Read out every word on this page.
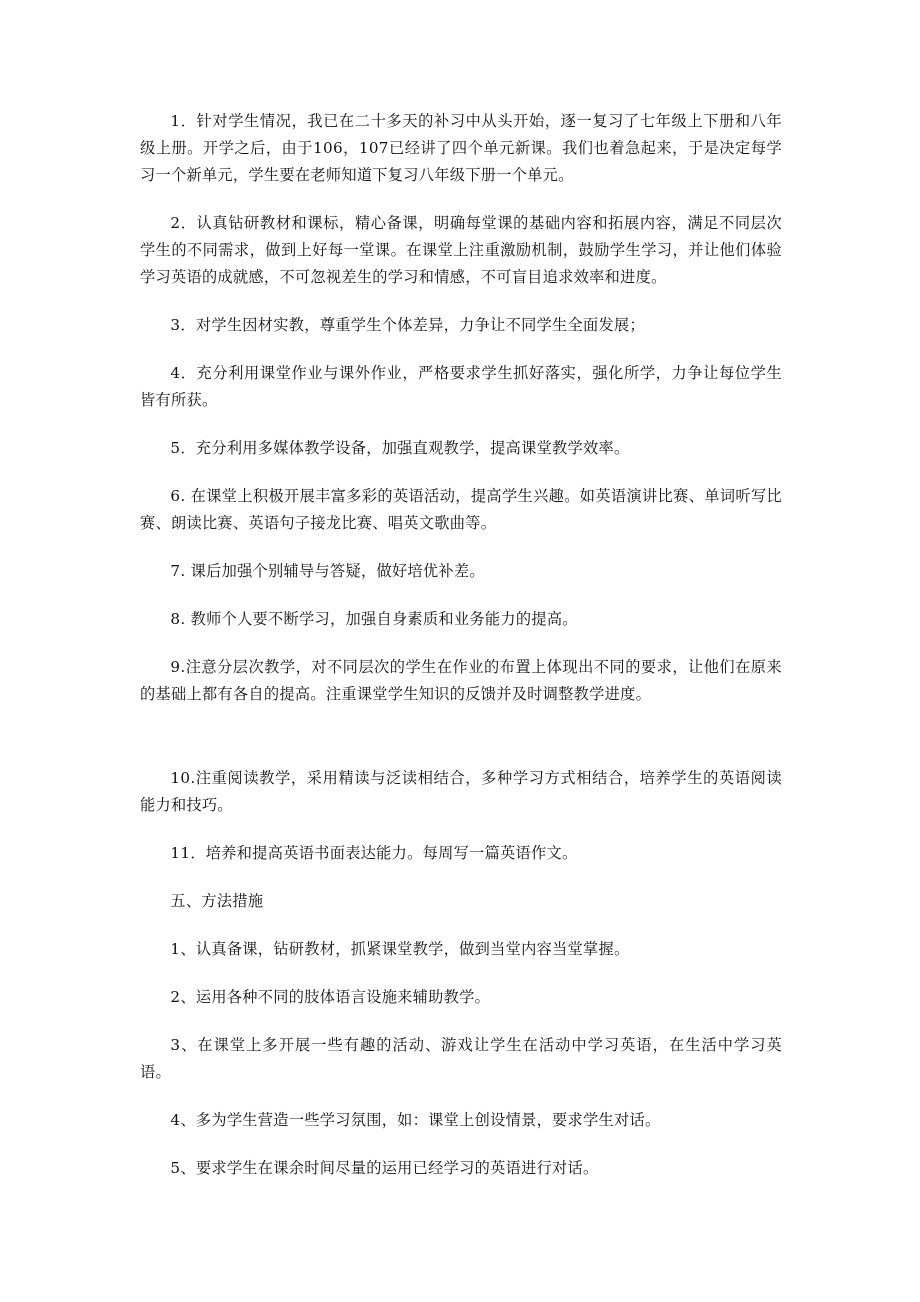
1．针对学生情况，我已在二十多天的补习中从头开始，逐一复习了七年级上下册和八年级上册。开学之后，由于106，107已经讲了四个单元新课。我们也着急起来，于是决定每学习一个新单元，学生要在老师知道下复习八年级下册一个单元。

2．认真钻研教材和课标，精心备课，明确每堂课的基础内容和拓展内容，满足不同层次学生的不同需求，做到上好每一堂课。在课堂上注重激励机制，鼓励学生学习，并让他们体验学习英语的成就感，不可忽视差生的学习和情感，不可盲目追求效率和进度。

3．对学生因材实教，尊重学生个体差异，力争让不同学生全面发展；

4．充分利用课堂作业与课外作业，严格要求学生抓好落实，强化所学，力争让每位学生皆有所获。

5．充分利用多媒体教学设备，加强直观教学，提高课堂教学效率。

6. 在课堂上积极开展丰富多彩的英语活动，提高学生兴趣。如英语演讲比赛、单词听写比赛、朗读比赛、英语句子接龙比赛、唱英文歌曲等。

7. 课后加强个别辅导与答疑，做好培优补差。

8. 教师个人要不断学习，加强自身素质和业务能力的提高。

9.注意分层次教学，对不同层次的学生在作业的布置上体现出不同的要求，让他们在原来的基础上都有各自的提高。注重课堂学生知识的反馈并及时调整教学进度。

10.注重阅读教学，采用精读与泛读相结合，多种学习方式相结合，培养学生的英语阅读能力和技巧。

11．培养和提高英语书面表达能力。每周写一篇英语作文。

五、方法措施

1、认真备课，钻研教材，抓紧课堂教学，做到当堂内容当堂掌握。

2、运用各种不同的肢体语言设施来辅助教学。

3、在课堂上多开展一些有趣的活动、游戏让学生在活动中学习英语，在生活中学习英语。

4、多为学生营造一些学习氛围，如：课堂上创设情景，要求学生对话。

5、要求学生在课余时间尽量的运用已经学习的英语进行对话。
